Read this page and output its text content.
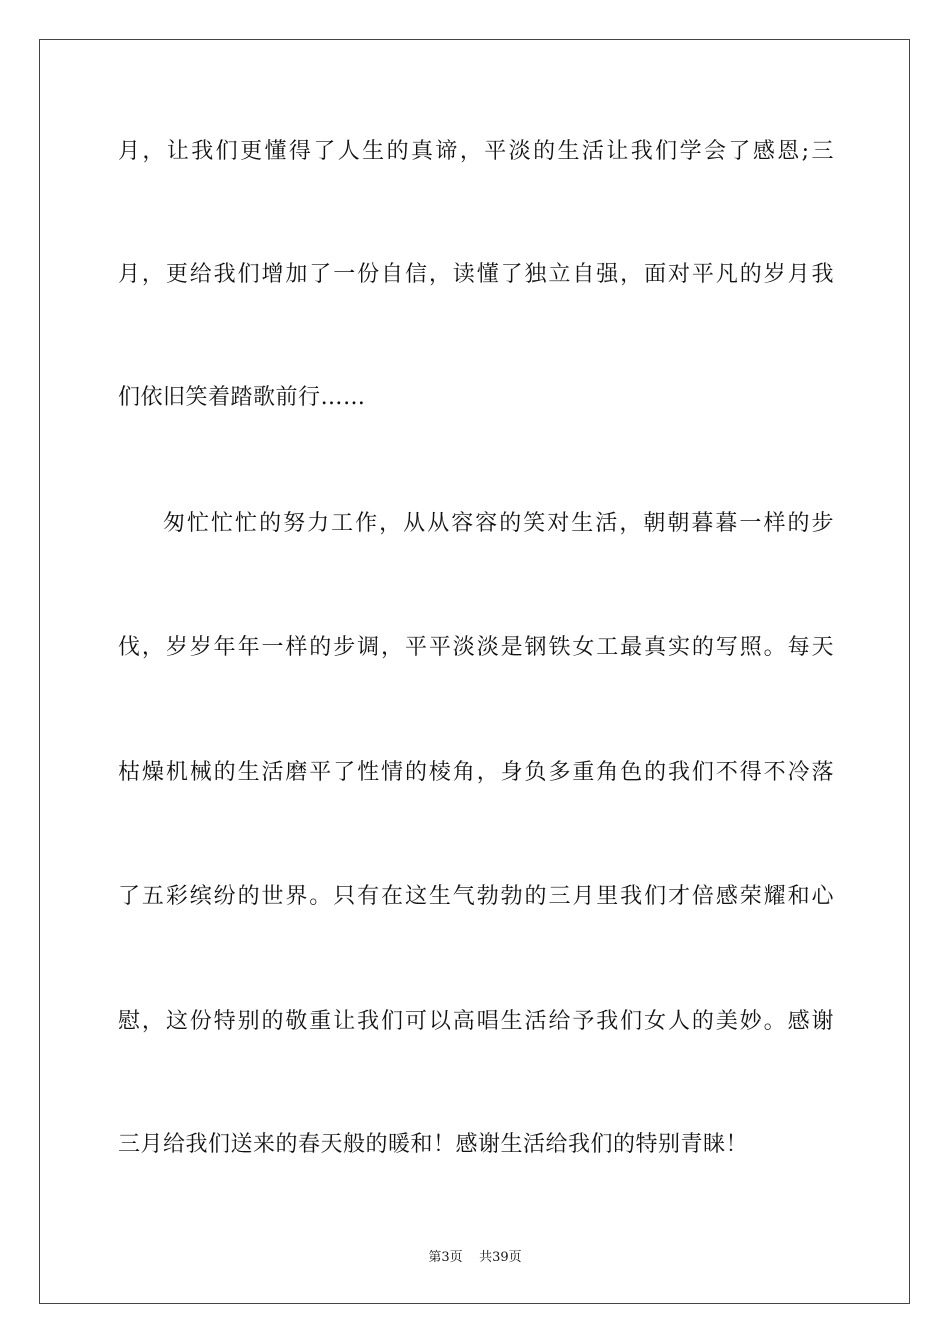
月，让我们更懂得了人生的真谛，平淡的生活让我们学会了感恩;三
月，更给我们增加了一份自信，读懂了独立自强，面对平凡的岁月我
们依旧笑着踏歌前行……
匆忙忙忙的努力工作，从从容容的笑对生活，朝朝暮暮一样的步
伐，岁岁年年一样的步调，平平淡淡是钢铁女工最真实的写照。每天
枯燥机械的生活磨平了性情的棱角，身负多重角色的我们不得不冷落
了五彩缤纷的世界。只有在这生气勃勃的三月里我们才倍感荣耀和心
慰，这份特别的敬重让我们可以高唱生活给予我们女人的美妙。感谢
三月给我们送来的春天般的暖和！感谢生活给我们的特别青睐！
第3页    共39页
